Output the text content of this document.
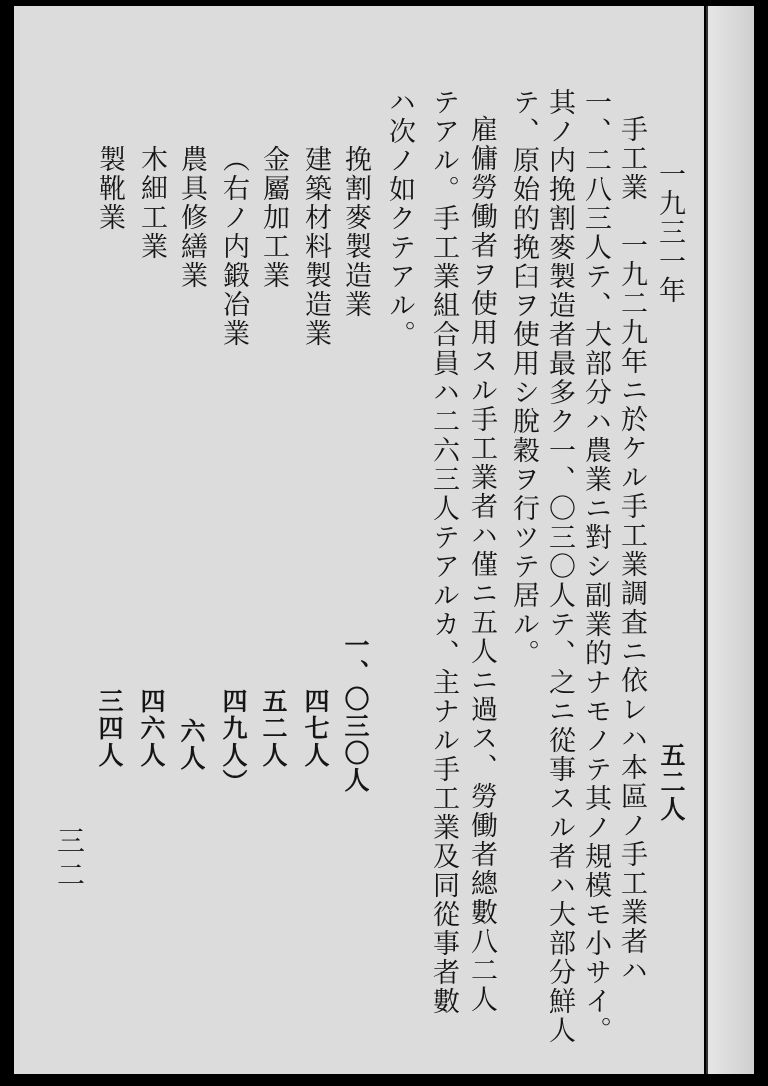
一九三一年
五二人
手工業　一九二九年ニ於ケル手工業調査ニ依レハ本區ノ手工業者ハ
一、二八三人テ、大部分ハ農業ニ對シ副業的ナモノテ其ノ規模モ小サイ。
其ノ内挽割麥製造者最多ク一、〇三〇人テ、之ニ從事スル者ハ大部分鮮人
テ、原始的挽臼ヲ使用シ脫穀ヲ行ツテ居ル。
雇傭勞働者ヲ使用スル手工業者ハ僅ニ五人ニ過ス、勞働者總數八二人
テアル。手工業組合員ハ二六三人テアルカ、主ナル手工業及同從事者數
ハ次ノ如クテアル。
挽割麥製造業
建築材料製造業
金屬加工業
（右ノ内鍛冶業
農具修繕業
木細工業
製靴業
一、〇三〇人
四七人
五二人
四九人）
六人
四六人
三四人
三二
